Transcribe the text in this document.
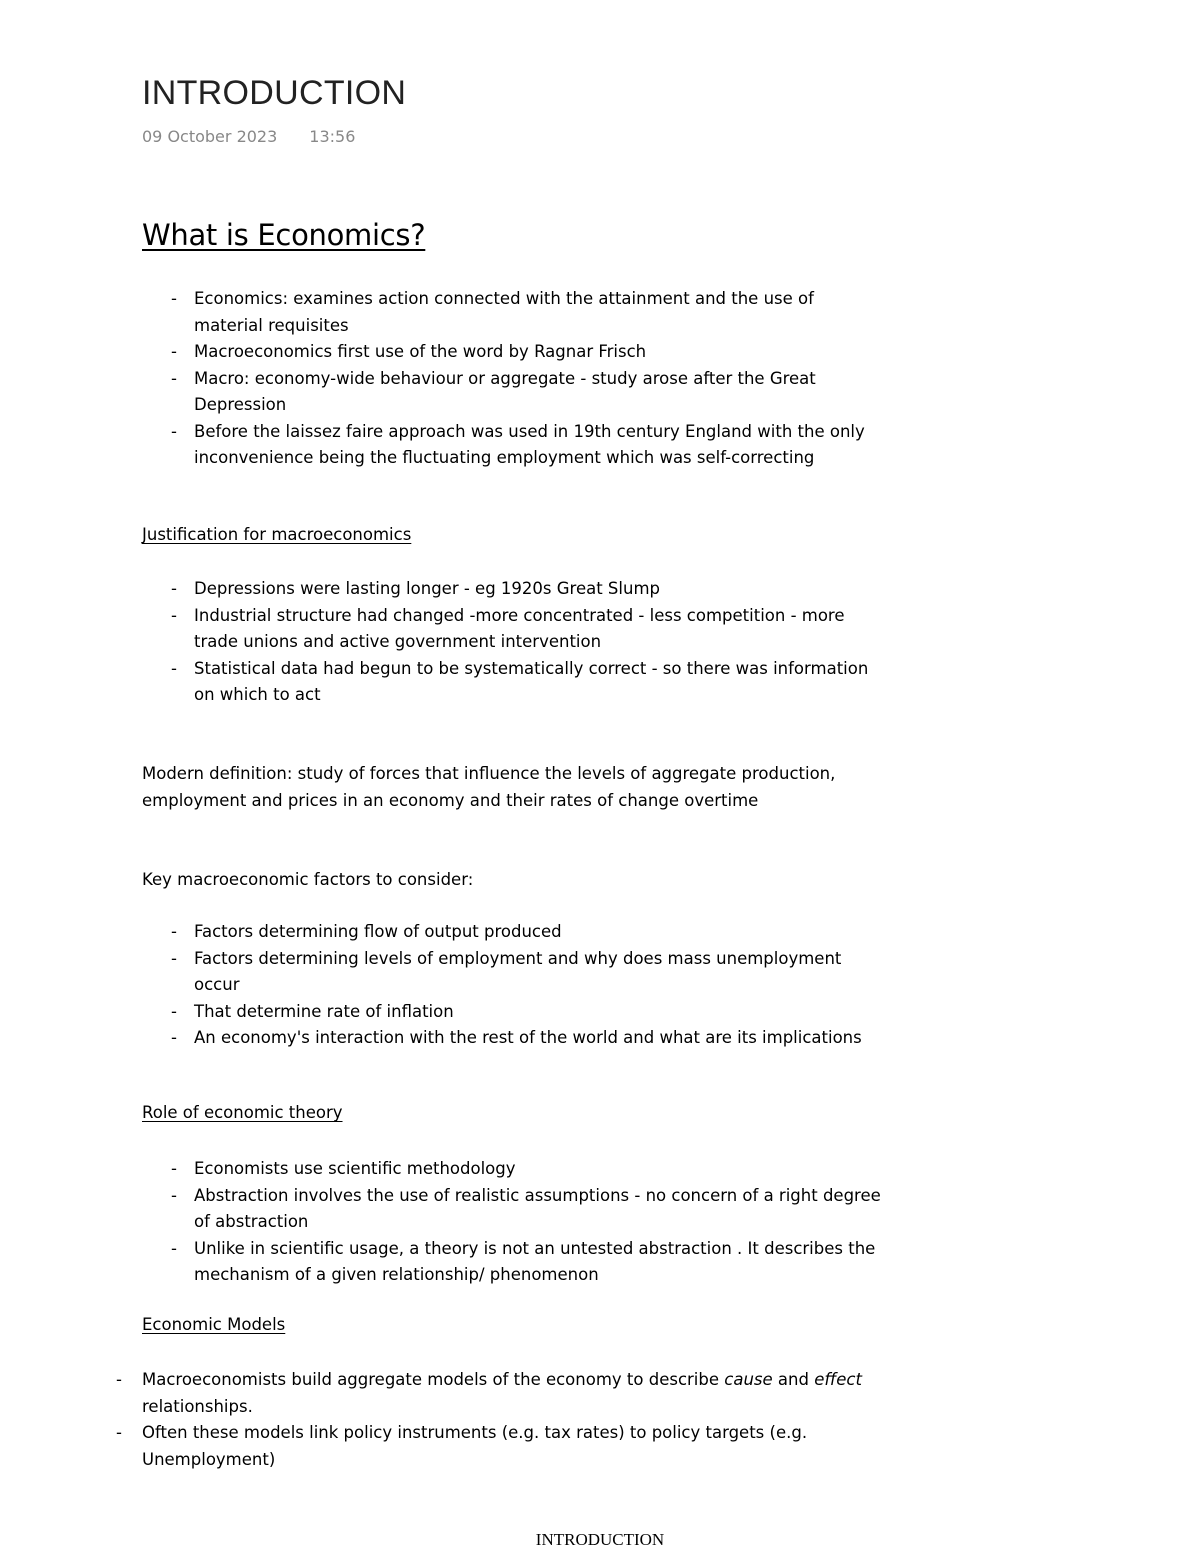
INTRODUCTION
09 October 2023 13:56
What is Economics?
- Economics: examines action connected with the attainment and the use of material requisites
- Macroeconomics first use of the word by Ragnar Frisch
- Macro: economy-wide behaviour or aggregate - study arose after the Great Depression
- Before the laissez faire approach was used in 19th century England with the only inconvenience being the fluctuating employment which was self-correcting
Justification for macroeconomics
- Depressions were lasting longer - eg 1920s Great Slump
- Industrial structure had changed -more concentrated - less competition - more trade unions and active government intervention
- Statistical data had begun to be systematically correct - so there was information on which to act
Modern definition: study of forces that influence the levels of aggregate production, employment and prices in an economy and their rates of change overtime
Key macroeconomic factors to consider:
- Factors determining flow of output produced
- Factors determining levels of employment and why does mass unemployment occur
- That determine rate of inflation
- An economy's interaction with the rest of the world and what are its implications
Role of economic theory
- Economists use scientific methodology
- Abstraction involves the use of realistic assumptions - no concern of a right degree of abstraction
- Unlike in scientific usage, a theory is not an untested abstraction . It describes the mechanism of a given relationship/ phenomenon
Economic Models
- Macroeconomists build aggregate models of the economy to describe cause and effect relationships.
- Often these models link policy instruments (e.g. tax rates) to policy targets (e.g. Unemployment)
INTRODUCTION
